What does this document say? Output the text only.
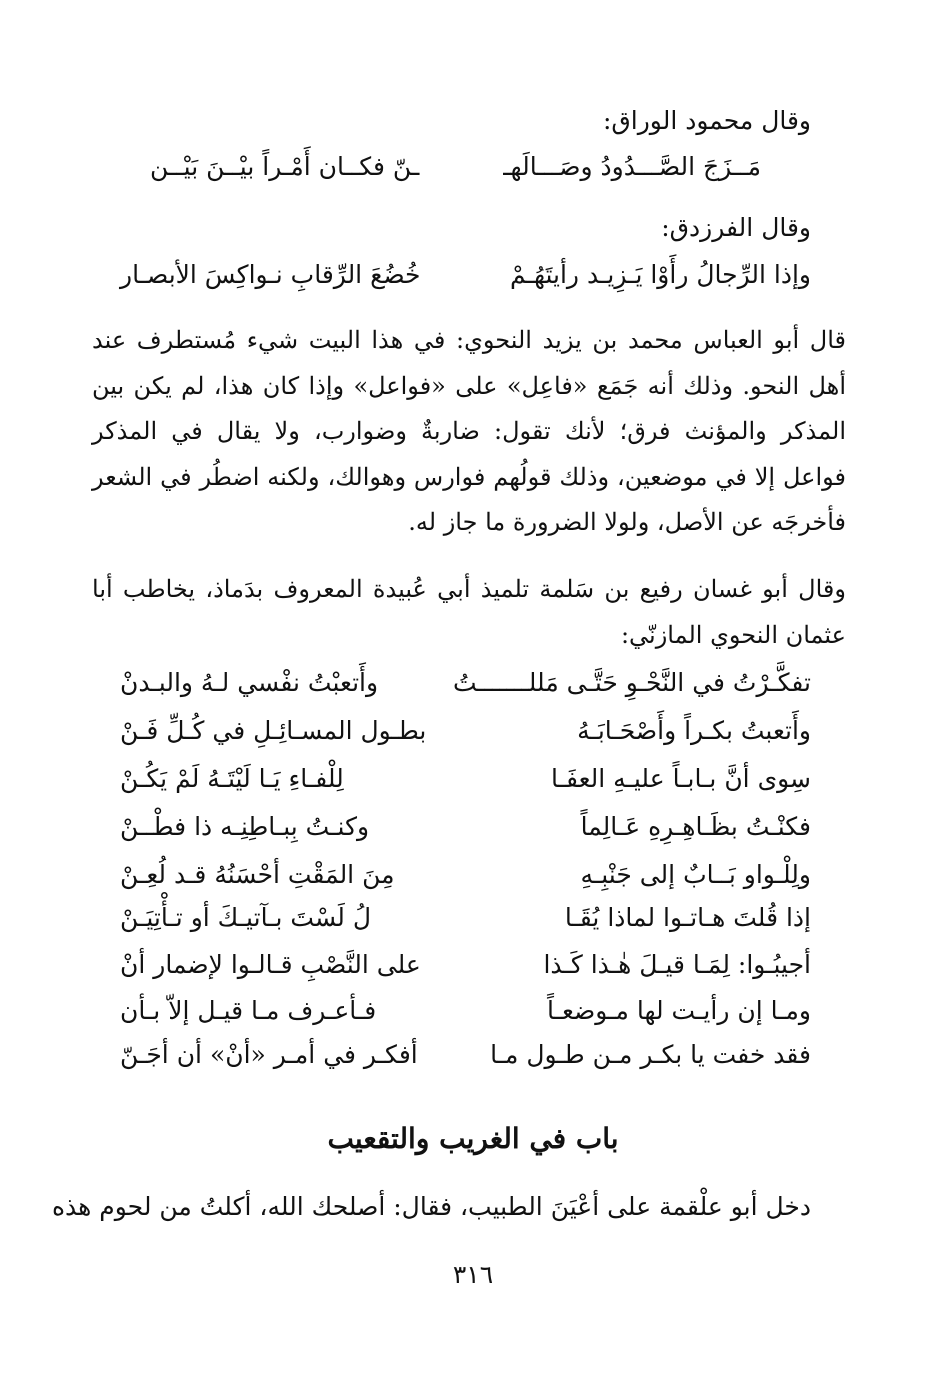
وقال محمود الوراق:
مَــزَجَ الصَّـــدُودُ وصَـــالَهـ
ـنّ فكــان أَمْـراً بيْــنَ بَيْــن
وقال الفرزدق:
وإذا الرِّجالُ رأَوْا يَـزِيـد رأيتَهُـمْ
خُضُعَ الرِّقابِ نـواكِسَ الأبصـار
قال أبو العباس محمد بن يزيد النحوي: في هذا البيت شيء مُستطرف عند أهل النحو. وذلك أنه جَمَع «فاعِل» على «فواعل» وإذا كان هذا، لم يكن بين المذكر والمؤنث فرق؛ لأنك تقول: ضاربةٌ وضوارب، ولا يقال في المذكر فواعل إلا في موضعين، وذلك قولُهم فوارس وهوالك، ولكنه اضطُر في الشعر فأخرجَه عن الأصل، ولولا الضرورة ما جاز له.
وقال أبو غسان رفيع بن سَلمة تلميذ أبي عُبيدة المعروف بدَماذ، يخاطب أبا عثمان النحوي المازنّي:
تفكَّـرْتُ في النَّحْـوِ حَتَّـى مَللـــــــتُ
وأَتعبْتُ نفْسي لـهُ والبـدنْ
وأَتعبتُ بكـراً وأَصْحَـابَـهُ
بطـول المسـائِـلِ في كُـلِّ فَـنْ
سِوى أنَّ بـابـاً عليـهِ العفَـا
لِلْفـاءِ يَـا لَيْتَـهُ لَمْ يَكُـنْ
فكنْـتُ بظَـاهِـرِهِ عَـالِماً
وكنـتُ بِبـاطِنِـه ذا فطْــنْ
ولِلْـواو بَــابٌ إلى جَنْبِـهِ
مِنَ المَقْتِ أحْسَنُهُ قـد لُعِـنْ
إذا قُلتَ هـاتـوا لماذا يُقَـا
لُ لَسْتَ بـآتيـكَ أو تـأْتِيَـنْ
أجيبُـوا: لِمَـا قيـلَ هٰـذا كَـذا
على النَّصْبِ قـالـوا لإضمار أنْ
ومـا إن رأيـت لها مـوضعـاً
فـأعـرف مـا قيـل إلاّ بـأن
فقد خفت يا بكـر مـن طـول مـا
أفكـر في أمـر «أنْ» أن أجَـنّ
باب في الغريب والتقعيب
دخل أبو علْقمة على أعْيَنَ الطبيب، فقال: أصلحك الله، أكلتُ من لحوم هذه
٣١٦
